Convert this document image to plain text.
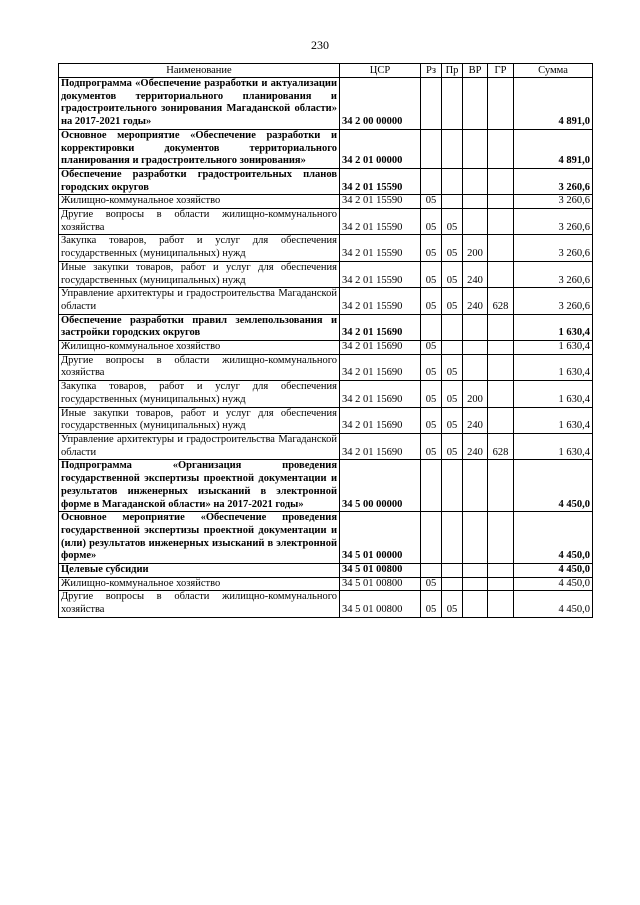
230
Наименование	ЦСР	Рз	Пр	ВР	ГР	Сумма
Подпрограмма «Обеспечение разработки и актуализации документов территориального планирования и градостроительного зонирования Магаданской области» на 2017-2021 годы»	34 2 00 00000					4 891,0
Основное мероприятие «Обеспечение разработки и корректировки документов территориального планирования и градостроительного зонирования»	34 2 01 00000					4 891,0
Обеспечение разработки градостроительных планов городских округов	34 2 01 15590					3 260,6
Жилищно-коммунальное хозяйство	34 2 01 15590	05				3 260,6
Другие вопросы в области жилищно-коммунального хозяйства	34 2 01 15590	05	05			3 260,6
Закупка товаров, работ и услуг для обеспечения государственных (муниципальных) нужд	34 2 01 15590	05	05	200		3 260,6
Иные закупки товаров, работ и услуг для обеспечения государственных (муниципальных) нужд	34 2 01 15590	05	05	240		3 260,6
Управление архитектуры и градостроительства Магаданской области	34 2 01 15590	05	05	240	628	3 260,6
Обеспечение разработки правил землепользования и застройки городских округов	34 2 01 15690					1 630,4
Жилищно-коммунальное хозяйство	34 2 01 15690	05				1 630,4
Другие вопросы в области жилищно-коммунального хозяйства	34 2 01 15690	05	05			1 630,4
Закупка товаров, работ и услуг для обеспечения государственных (муниципальных) нужд	34 2 01 15690	05	05	200		1 630,4
Иные закупки товаров, работ и услуг для обеспечения государственных (муниципальных) нужд	34 2 01 15690	05	05	240		1 630,4
Управление архитектуры и градостроительства Магаданской области	34 2 01 15690	05	05	240	628	1 630,4
Подпрограмма «Организация проведения государственной экспертизы проектной документации и результатов инженерных изысканий в электронной форме в Магаданской области» на 2017-2021 годы»	34 5 00 00000					4 450,0
Основное мероприятие «Обеспечение проведения государственной экспертизы проектной документации и (или) результатов инженерных изысканий в электронной форме»	34 5 01 00000					4 450,0
Целевые субсидии	34 5 01 00800					4 450,0
Жилищно-коммунальное хозяйство	34 5 01 00800	05				4 450,0
Другие вопросы в области жилищно-коммунального хозяйства	34 5 01 00800	05	05			4 450,0
